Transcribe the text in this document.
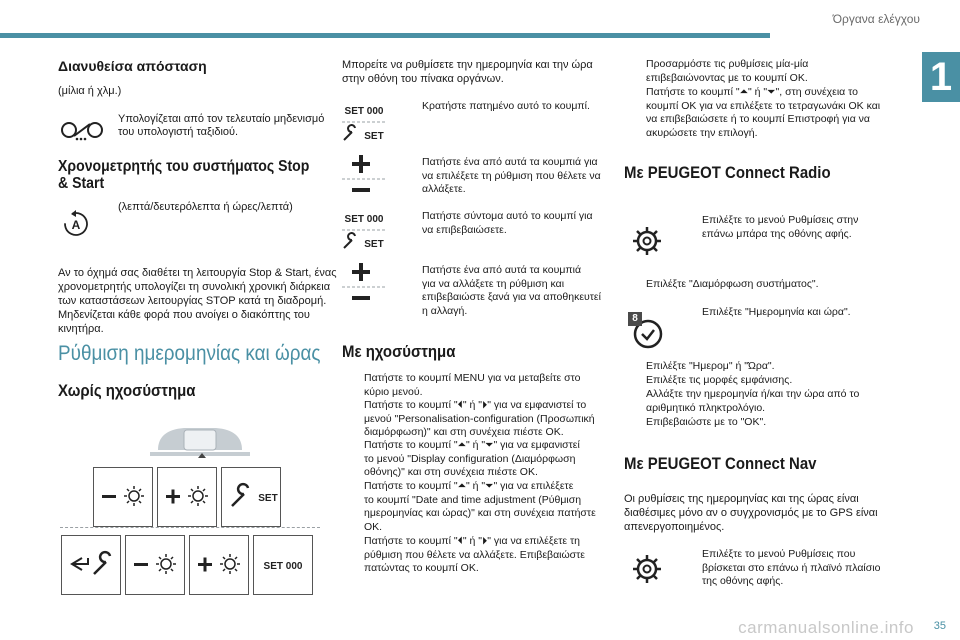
Όργανα ελέγχου
1
Διανυθείσα απόσταση
(μίλια ή χλμ.)
Υπολογίζεται από τον τελευταίο μηδενισμό
του υπολογιστή ταξιδιού.
Χρονομετρητής του συστήματος Stop
& Start
(λεπτά/δευτερόλεπτα ή ώρες/λεπτά)
A
Αν το όχημά σας διαθέτει τη λειτουργία Stop & Start, ένας
χρονομετρητής υπολογίζει τη συνολική χρονική διάρκεια
των καταστάσεων λειτουργίας STOP κατά τη διαδρομή.
Μηδενίζεται κάθε φορά που ανοίγει ο διακόπτης του
κινητήρα.
Ρύθμιση ημερομηνίας και ώρας
Χωρίς ηχοσύστημα
SET
SET 000
Μπορείτε να ρυθμίσετε την ημερομηνία και την ώρα
στην οθόνη του πίνακα οργάνων.
SET 000
SET
Κρατήστε πατημένο αυτό το κουμπί.
Πατήστε ένα από αυτά τα κουμπιά για
να επιλέξετε τη ρύθμιση που θέλετε να
αλλάξετε.
SET 000
SET
Πατήστε σύντομα αυτό το κουμπί για
να επιβεβαιώσετε.
Πατήστε ένα από αυτά τα κουμπιά
για να αλλάξετε τη ρύθμιση και
επιβεβαιώστε ξανά για να αποθηκευτεί
η αλλαγή.
Με ηχοσύστημα
Πατήστε το κουμπί MENU για να μεταβείτε στο
κύριο μενού.
Πατήστε το κουμπί "⏴" ή "⏵" για να εμφανιστεί το
μενού "Personalisation-configuration (Προσωπική
διαμόρφωση)" και στη συνέχεια πιέστε OK.
Πατήστε το κουμπί "⏶" ή "⏷" για να εμφανιστεί
το μενού "Display configuration (Διαμόρφωση
οθόνης)" και στη συνέχεια πιέστε OK.
Πατήστε το κουμπί "⏶" ή "⏷" για να επιλέξετε
το κουμπί "Date and time adjustment (Ρύθμιση
ημερομηνίας και ώρας)" και στη συνέχεια πατήστε
OK.
Πατήστε το κουμπί "⏴" ή "⏵" για να επιλέξετε τη
ρύθμιση που θέλετε να αλλάξετε. Επιβεβαιώστε
πατώντας το κουμπί OK.
Προσαρμόστε τις ρυθμίσεις μία-μία
επιβεβαιώνοντας με το κουμπί OK.
Πατήστε το κουμπί "⏶" ή "⏷", στη συνέχεια το
κουμπί OK για να επιλέξετε το τετραγωνάκι OK και
να επιβεβαιώσετε ή το κουμπί Επιστροφή για να
ακυρώσετε την επιλογή.
Με PEUGEOT Connect Radio
Επιλέξτε το μενού Ρυθμίσεις στην
επάνω μπάρα της οθόνης αφής.
Επιλέξτε "Διαμόρφωση συστήματος".
8
Επιλέξτε "Ημερομηνία και ώρα".
Επιλέξτε "Ημερομ" ή "Ώρα".
Επιλέξτε τις μορφές εμφάνισης.
Αλλάξτε την ημερομηνία ή/και την ώρα από το
αριθμητικό πληκτρολόγιο.
Επιβεβαιώστε με το "OK".
Με PEUGEOT Connect Nav
Οι ρυθμίσεις της ημερομηνίας και της ώρας είναι
διαθέσιμες μόνο αν ο συγχρονισμός με το GPS είναι
απενεργοποιημένος.
Επιλέξτε το μενού Ρυθμίσεις που
βρίσκεται στο επάνω ή πλαϊνό πλαίσιο
της οθόνης αφής.
carmanualsonline.info 35
